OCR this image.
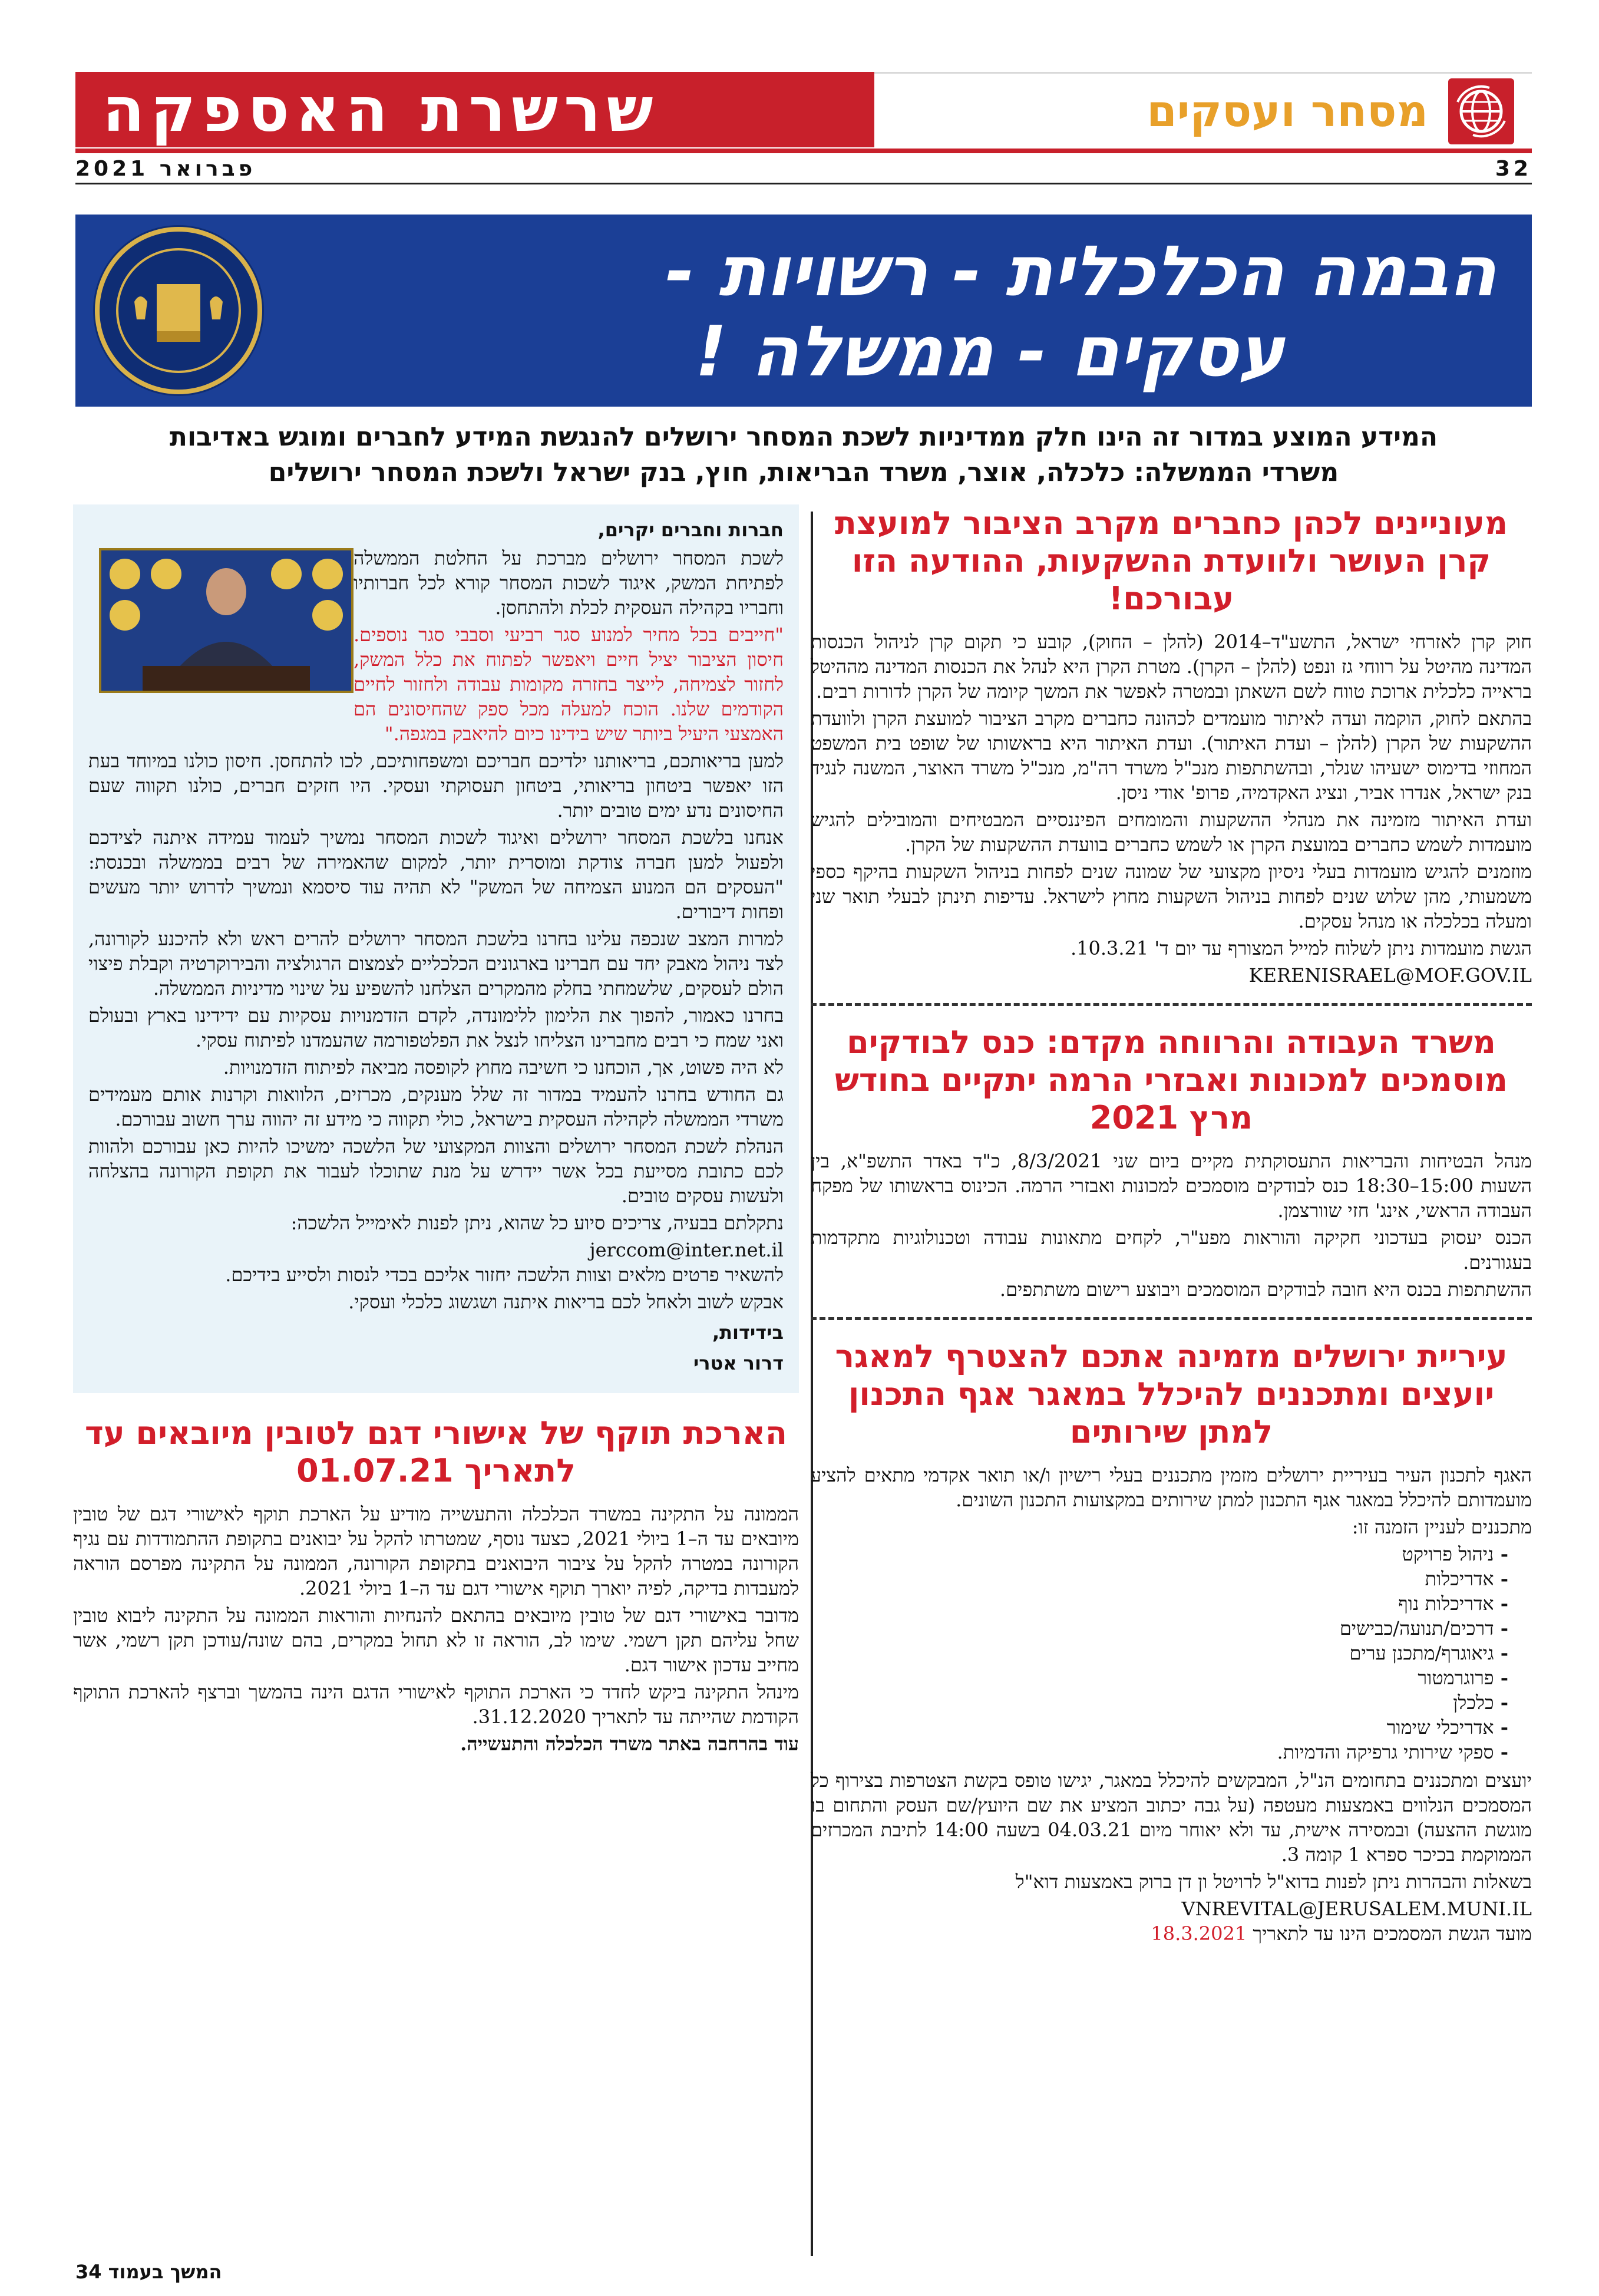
שרשרת האספקה	מסחר ועסקים
פברואר 2021	32
הבמה הכלכלית - רשויות -
עסקים - ממשלה !
המידע המוצע במדור זה הינו חלק ממדיניות לשכת המסחר ירושלים להנגשת המידע לחברים ומוגש באדיבות
משרדי הממשלה: כלכלה, אוצר, משרד הבריאות, חוץ, בנק ישראל ולשכת המסחר ירושלים
מעוניינים לכהן כחברים מקרב הציבור למועצת קרן העושר ולוועדת ההשקעות, ההודעה הזו עבורכם!

חוק קרן לאזרחי ישראל, התשע"ד–2014 (להלן – החוק), קובע כי תקום קרן לניהול הכנסות המדינה מהיטל על רווחי גז ונפט (להלן – הקרן). מטרת הקרן היא לנהל את הכנסות המדינה מההיטל בראייה כלכלית ארוכת טווח לשם השאתן ובמטרה לאפשר את המשך קיומה של הקרן לדורות רבים.

בהתאם לחוק, הוקמה ועדה לאיתור מועמדים לכהונה כחברים מקרב הציבור למועצת הקרן ולוועדת ההשקעות של הקרן (להלן – ועדת האיתור). ועדת האיתור היא בראשותו של שופט בית המשפט המחוזי בדימוס ישעיהו שנלר, ובהשתתפות מנכ"ל משרד רה"מ, מנכ"ל משרד האוצר, המשנה לנגיד בנק ישראל, אנדרו אביר, ונציג האקדמיה, פרופ' אודי ניסן.

ועדת האיתור מזמינה את מנהלי ההשקעות והמומחים הפיננסיים המבטיחים והמובילים להגיש מועמדות לשמש כחברים במועצת הקרן או לשמש כחברים בוועדת ההשקעות של הקרן.

מוזמנים להגיש מועמדות בעלי ניסיון מקצועי של שמונה שנים לפחות בניהול השקעות בהיקף כספי משמעותי, מהן שלוש שנים לפחות בניהול השקעות מחוץ לישראל. עדיפות תינתן לבעלי תואר שני ומעלה בכלכלה או מנהל עסקים.

הגשת מועמדות ניתן לשלוח למייל המצורף עד יום ד' 10.3.21.

KERENISRAEL@MOF.GOV.IL
משרד העבודה והרווחה מקדם: כנס לבודקים מוסמכים למכונות ואבזרי הרמה יתקיים בחודש מרץ 2021

מנהל הבטיחות והבריאות התעסוקתית מקיים ביום שני 8/3/2021, כ"ד באדר התשפ"א, בין השעות 15:00–18:30 כנס לבודקים מוסמכים למכונות ואבזרי הרמה. הכינוס בראשותו של מפקח העבודה הראשי, אינג' חזי שוורצמן.

הכנס יעסוק בעדכוני חקיקה והוראות מפע"ר, לקחים מתאונות עבודה וטכנולוגיות מתקדמות בעגורנים.

ההשתתפות בכנס היא חובה לבודקים המוסמכים ויבוצע רישום משתתפים.

עיריית ירושלים מזמינה אתכם להצטרף למאגר יועצים ומתכננים להיכלל במאגר אגף התכנון למתן שירותים

האגף לתכנון העיר בעיריית ירושלים מזמין מתכננים בעלי רישיון ו/או תואר אקדמי מתאים להציע מועמדותם להיכלל במאגר אגף התכנון למתן שירותים במקצועות התכנון השונים.

מתכננים לעניין הזמנה זו:

- ניהול פרויקט
- אדריכלות
- אדריכלות נוף
- דרכים/תנועה/כבישים
- גיאוגרף/מתכנן ערים
- פרוגרמטור
- כלכלן
- אדריכלי שימור
- ספקי שירותי גרפיקה והדמיות.

יועצים ומתכננים בתחומים הנ"ל, המבקשים להיכלל במאגר, יגישו טופס בקשת הצטרפות בצירוף כל המסמכים הנלווים באמצעות מעטפה (על גבה יכתוב המציע את שם היועץ/שם העסק והתחום בו מוגשת ההצעה) ובמסירה אישית, עד ולא יאוחר מיום 04.03.21 בשעה 14:00 לתיבת המכרזים הממוקמת בכיכר ספרא 1 קומה 3.

בשאלות והבהרות ניתן לפנות בדוא"ל לרויטל ון דן ברוק באמצעות דוא"ל

VNREVITAL@JERUSALEM.MUNI.IL

מועד הגשת המסמכים הינו עד לתאריך 18.3.2021

חברות וחברים יקרים,

לשכת המסחר ירושלים מברכת על החלטת הממשלה לפתיחת המשק, איגוד לשכות המסחר קורא לכל חברותיו וחבריו בקהילה העסקית לכלת ולהתחסן.

"חייבים בכל מחיר למנוע סגר רביעי וסבבי סגר נוספים. חיסון הציבור יציל חיים ויאפשר לפתוח את כלל המשק, לחזור לצמיחה, לייצר בחזרה מקומות עבודה ולחזור לחיים הקודמים שלנו. הוכח למעלה מכל ספק שהחיסונים הם האמצעי היעיל ביותר שיש בידינו כיום להיאבק במגפה."

למען בריאותכם, בריאותנו ילדיכם חבריכם ומשפחותיכם, לכו להתחסן. חיסון כולנו במיוחד בעת הזו יאפשר ביטחון בריאותי, ביטחון תעסוקתי ועסקי. היו חזקים חברים, כולנו תקווה שעם החיסונים נדע ימים טובים יותר.

אנחנו בלשכת המסחר ירושלים ואיגוד לשכות המסחר נמשיך לעמוד עמידה איתנה לצידכם ולפעול למען חברה צודקת ומוסרית יותר, למקום שהאמירה של רבים בממשלה ובכנסת: "העסקים הם המנוע הצמיחה של המשק" לא תהיה עוד סיסמא ונמשיך לדרוש יותר מעשים ופחות דיבורים.

למרות המצב שנכפה עלינו בחרנו בלשכת המסחר ירושלים להרים ראש ולא להיכנע לקורונה, לצד ניהול מאבק יחד עם חברינו בארגונים הכלכליים לצמצום הרגולציה והבירוקרטיה וקבלת פיצוי הולם לעסקים, שלשמחתי בחלק מהמקרים הצלחנו להשפיע על שינוי מדיניות הממשלה.

בחרנו כאמור, להפוך את הלימון ללימונדה, לקדם הזדמנויות עסקיות עם ידידינו בארץ ובעולם ואני שמח כי רבים מחברינו הצליחו לנצל את הפלטפורמה שהעמדנו לפיתוח עסקי.

לא היה פשוט, אך, הוכחנו כי חשיבה מחוץ לקופסה מביאה לפיתוח הזדמנויות.

גם החודש בחרנו להעמיד במדור זה שלל מענקים, מכרזים, הלוואות וקרנות אותם מעמידים משרדי הממשלה לקהילה העסקית בישראל, כולי תקווה כי מידע זה יהווה ערך חשוב עבורכם.

הנהלת לשכת המסחר ירושלים והצוות המקצועי של הלשכה ימשיכו להיות כאן עבורכם ולהוות לכם כתובת מסייעת בכל אשר יידרש על מנת שתוכלו לעבור את תקופת הקורונה בהצלחה ולעשות עסקים טובים.

נתקלתם בבעיה, צריכים סיוע כל שהוא, ניתן לפנות לאימייל הלשכה:

jerccom@inter.net.il

להשאיר פרטים מלאים וצוות הלשכה יחזור אליכם בכדי לנסות ולסייע בידיכם.

אבקש לשוב ולאחל לכם בריאות איתנה ושגשוג כלכלי ועסקי.

בידידות,
דרור אטרי
הארכת תוקף של אישורי דגם לטובין מיובאים עד לתאריך 01.07.21

הממונה על התקינה במשרד הכלכלה והתעשייה מודיע על הארכת תוקף לאישורי דגם של טובין מיובאים עד ה–1 ביולי 2021, כצעד נוסף, שמטרתו להקל על יבואנים בתקופת ההתמודדות עם נגיף הקורונה במטרה להקל על ציבור היבואנים בתקופת הקורונה, הממונה על התקינה מפרסם הוראה למעבדות בדיקה, לפיה יוארך תוקף אישורי דגם עד ה–1 ביולי 2021.

מדובר באישורי דגם של טובין מיובאים בהתאם להנחיות והוראות הממונה על התקינה ליבוא טובין שחל עליהם תקן רשמי. שימו לב, הוראה זו לא תחול במקרים, בהם שונה/עודכן תקן רשמי, אשר מחייב עדכון אישור דגם.

מינהל התקינה ביקש לחדד כי הארכת התוקף לאישורי הדגם הינה בהמשך וברצף להארכת התוקף הקודמת שהייתה עד לתאריך 31.12.2020.

עוד בהרחבה באתר משרד הכלכלה והתעשייה.

המשך בעמוד 34
